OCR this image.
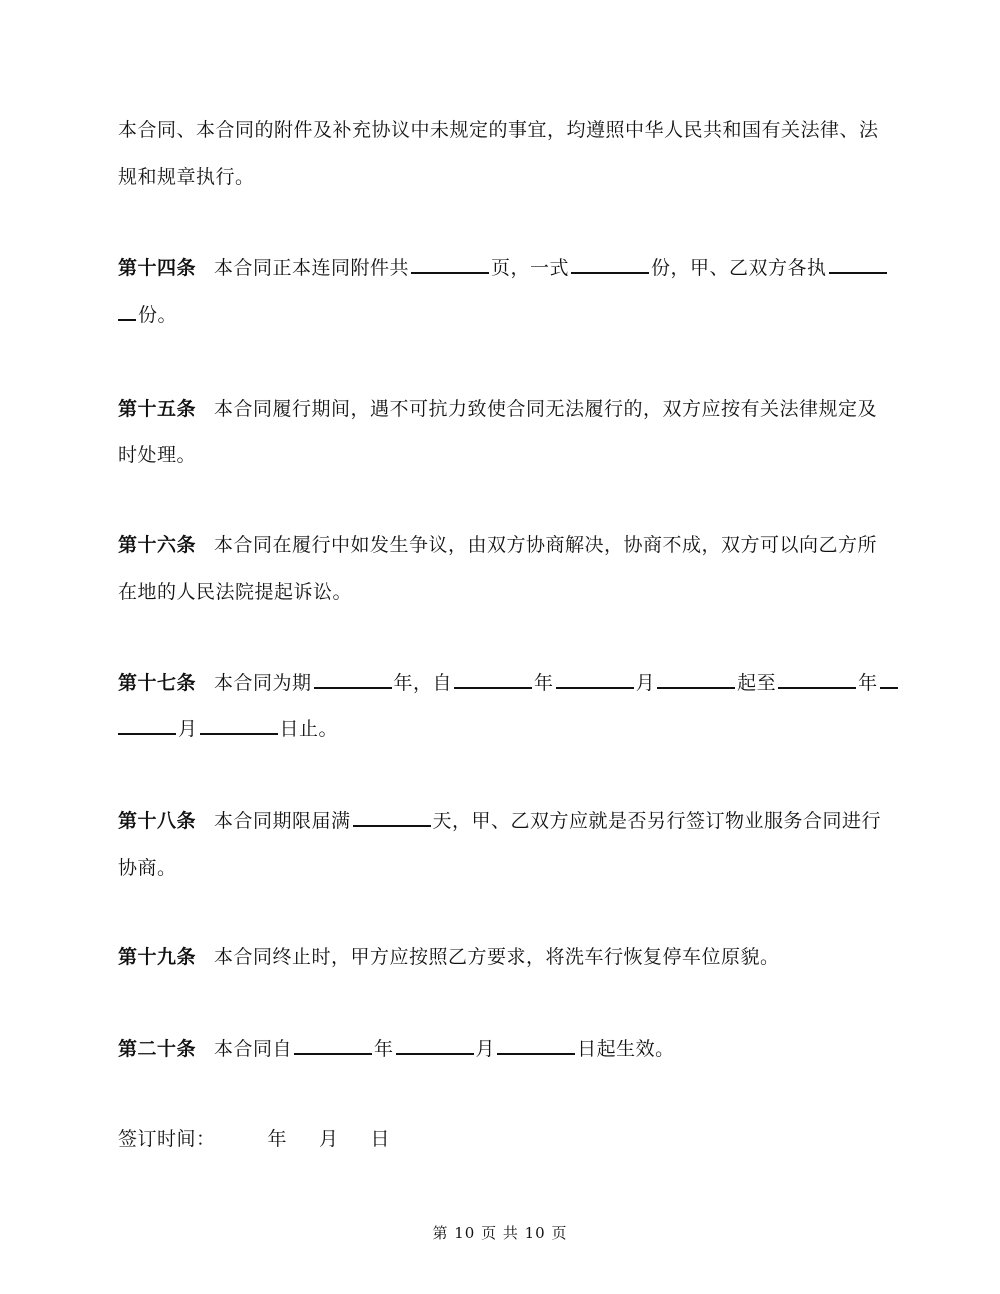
本合同、本合同的附件及补充协议中未规定的事宜，均遵照中华人民共和国有关法律、法

规和规章执行。

第十四条 本合同正本连同附件共	页，一式	份，甲、乙双方各执

份。

第十五条 本合同履行期间，遇不可抗力致使合同无法履行的，双方应按有关法律规定及

时处理。

第十六条 本合同在履行中如发生争议，由双方协商解决，协商不成，双方可以向乙方所

在地的人民法院提起诉讼。

第十七条 本合同为期	年，自	年	月	起至	年

月	日止。

第十八条 本合同期限届满	天，甲、乙双方应就是否另行签订物业服务合同进行

协商。

第十九条 本合同终止时，甲方应按照乙方要求，将洗车行恢复停车位原貌。

第二十条 本合同自	年	月	日起生效。

签订时间：	年 月 日

第 10 页 共 10 页
